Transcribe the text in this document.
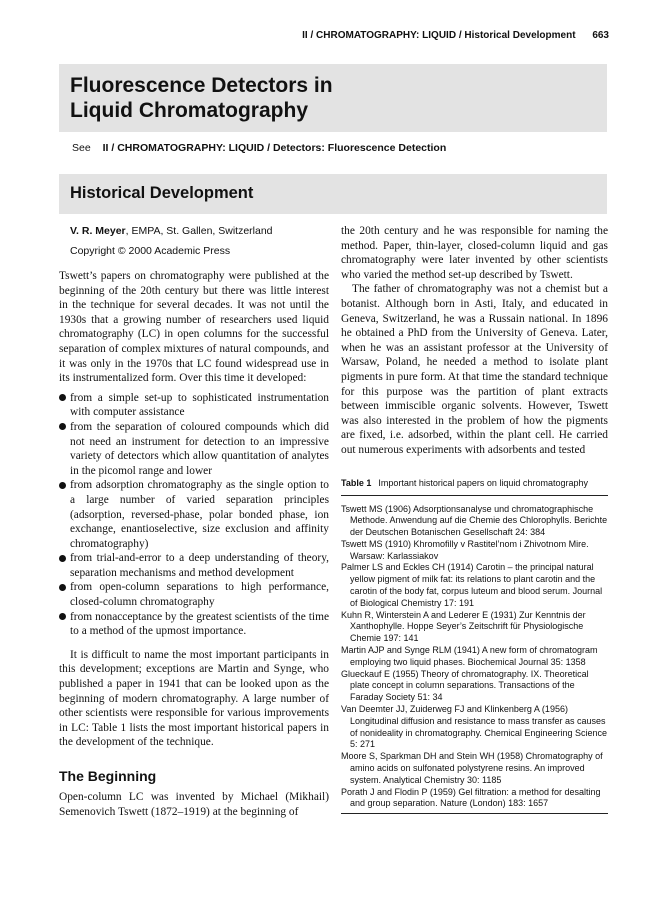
II / CHROMATOGRAPHY: LIQUID / Historical Development 663
Fluorescence Detectors in
Liquid Chromatography
See II / CHROMATOGRAPHY: LIQUID / Detectors: Fluorescence Detection
Historical Development
V. R. Meyer, EMPA, St. Gallen, Switzerland
Copyright © 2000 Academic Press

Tswett’s papers on chromatography were published at the beginning of the 20th century but there was little interest in the technique for several decades. It was not until the 1930s that a growing number of researchers used liquid chromatography (LC) in open columns for the successful separation of complex mixtures of natural compounds, and it was only in the 1970s that LC found widespread use in its instrumentalized form. Over this time it developed:

from a simple set-up to sophisticated instrumentation with computer assistance
from the separation of coloured compounds which did not need an instrument for detection to an impressive variety of detectors which allow quantitation of analytes in the picomol range and lower
from adsorption chromatography as the single option to a large number of varied separation principles (adsorption, reversed-phase, polar bonded phase, ion exchange, enantioselective, size exclusion and affinity chromatography)
from trial-and-error to a deep understanding of theory, separation mechanisms and method development
from open-column separations to high performance, closed-column chromatography
from nonacceptance by the greatest scientists of the time to a method of the upmost importance.

It is difficult to name the most important participants in this development; exceptions are Martin and Synge, who published a paper in 1941 that can be looked upon as the beginning of modern chromatography. A large number of other scientists were responsible for various improvements in LC: Table 1 lists the most important historical papers in the development of the technique.

The Beginning

Open-column LC was invented by Michael (Mikhail) Semenovich Tswett (1872–1919) at the beginning of

the 20th century and he was responsible for naming the method. Paper, thin-layer, closed-column liquid and gas chromatography were later invented by other scientists who varied the method set-up described by Tswett.

The father of chromatography was not a chemist but a botanist. Although born in Asti, Italy, and educated in Geneva, Switzerland, he was a Russain national. In 1896 he obtained a PhD from the University of Geneva. Later, when he was an assistant professor at the University of Warsaw, Poland, he needed a method to isolate plant pigments in pure form. At that time the standard technique for this purpose was the partition of plant extracts between immiscible organic solvents. However, Tswett was also interested in the problem of how the pigments are fixed, i.e. adsorbed, within the plant cell. He carried out numerous experiments with adsorbents and tested

Table 1 Important historical papers on liquid chromatography
Tswett MS (1906) Adsorptionsanalyse und chromatographische Methode. Anwendung auf die Chemie des Chlorophylls. Berichte der Deutschen Botanischen Gesellschaft 24: 384
Tswett MS (1910) Khromofilly v Rastitel’nom i Zhivotnom Mire. Warsaw: Karlassiakov
Palmer LS and Eckles CH (1914) Carotin – the principal natural yellow pigment of milk fat: its relations to plant carotin and the carotin of the body fat, corpus luteum and blood serum. Journal of Biological Chemistry 17: 191
Kuhn R, Winterstein A and Lederer E (1931) Zur Kenntnis der Xanthophylle. Hoppe Seyer’s Zeitschrift für Physiologische Chemie 197: 141
Martin AJP and Synge RLM (1941) A new form of chromatogram employing two liquid phases. Biochemical Journal 35: 1358
Glueckauf E (1955) Theory of chromatography. IX. Theoretical plate concept in column separations. Transactions of the Faraday Society 51: 34
Van Deemter JJ, Zuiderweg FJ and Klinkenberg A (1956) Longitudinal diffusion and resistance to mass transfer as causes of nonideality in chromatography. Chemical Engineering Science 5: 271
Moore S, Sparkman DH and Stein WH (1958) Chromatography of amino acids on sulfonated polystyrene resins. An improved system. Analytical Chemistry 30: 1185
Porath J and Flodin P (1959) Gel filtration: a method for desalting and group separation. Nature (London) 183: 1657
